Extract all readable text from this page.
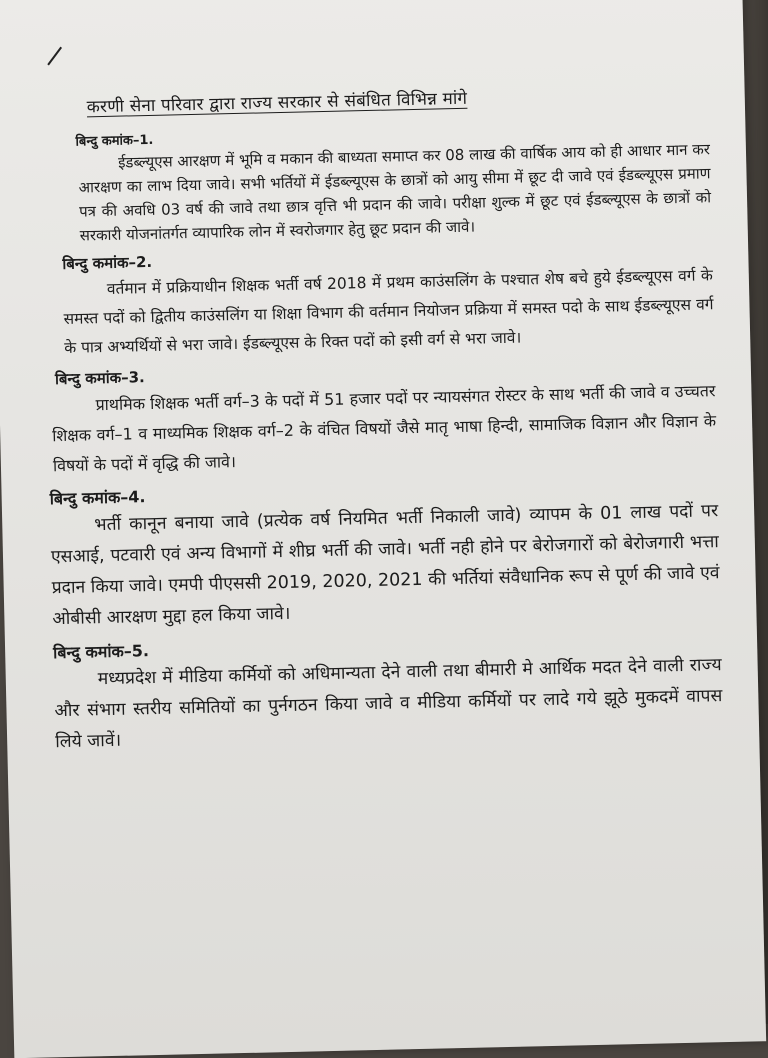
करणी सेना परिवार द्वारा राज्य सरकार से संबंधित विभिन्न मांगे
बिन्दु कमांक–1.

ईडब्ल्यूएस आरक्षण में भूमि व मकान की बाध्यता समाप्त कर 08 लाख की वार्षिक आय को ही आधार मान कर आरक्षण का लाभ दिया जावे। सभी भर्तियों में ईडब्ल्यूएस के छात्रों को आयु सीमा में छूट दी जावे एवं ईडब्ल्यूएस प्रमाण पत्र की अवधि 03 वर्ष की जावे तथा छात्र वृत्ति भी प्रदान की जावे। परीक्षा शुल्क में छूट एवं ईडब्ल्यूएस के छात्रों को सरकारी योजनांतर्गत व्यापारिक लोन में स्वरोजगार हेतु छूट प्रदान की जावे।

बिन्दु कमांक–2.

वर्तमान में प्रक्रियाधीन शिक्षक भर्ती वर्ष 2018 में प्रथम काउंसलिंग के पश्चात शेष बचे हुये ईडब्ल्यूएस वर्ग के समस्त पदों को द्वितीय काउंसलिंग या शिक्षा विभाग की वर्तमान नियोजन प्रक्रिया में समस्त पदो के साथ ईडब्ल्यूएस वर्ग के पात्र अभ्यर्थियों से भरा जावे। ईडब्ल्यूएस के रिक्त पदों को इसी वर्ग से भरा जावे।

बिन्दु कमांक–3.

प्राथमिक शिक्षक भर्ती वर्ग–3 के पदों में 51 हजार पदों पर न्यायसंगत रोस्टर के साथ भर्ती की जावे व उच्चतर शिक्षक वर्ग–1 व माध्यमिक शिक्षक वर्ग–2 के वंचित विषयों जैसे मातृ भाषा हिन्दी, सामाजिक विज्ञान और विज्ञान के विषयों के पदों में वृद्धि की जावे।

बिन्दु कमांक–4.

भर्ती कानून बनाया जावे (प्रत्येक वर्ष नियमित भर्ती निकाली जावे) व्यापम के 01 लाख पदों पर एसआई, पटवारी एवं अन्य विभागों में शीघ्र भर्ती की जावे। भर्ती नही होने पर बेरोजगारों को बेरोजगारी भत्ता प्रदान किया जावे। एमपी पीएससी 2019, 2020, 2021 की भर्तियां संवैधानिक रूप से पूर्ण की जावे एवं ओबीसी आरक्षण मुद्दा हल किया जावे।

बिन्दु कमांक–5.

मध्यप्रदेश में मीडिया कर्मियों को अधिमान्यता देने वाली तथा बीमारी मे आर्थिक मदत देने वाली राज्य और संभाग स्तरीय समितियों का पुर्नगठन किया जावे व मीडिया कर्मियों पर लादे गये झूठे मुकदमें वापस लिये जावें।
